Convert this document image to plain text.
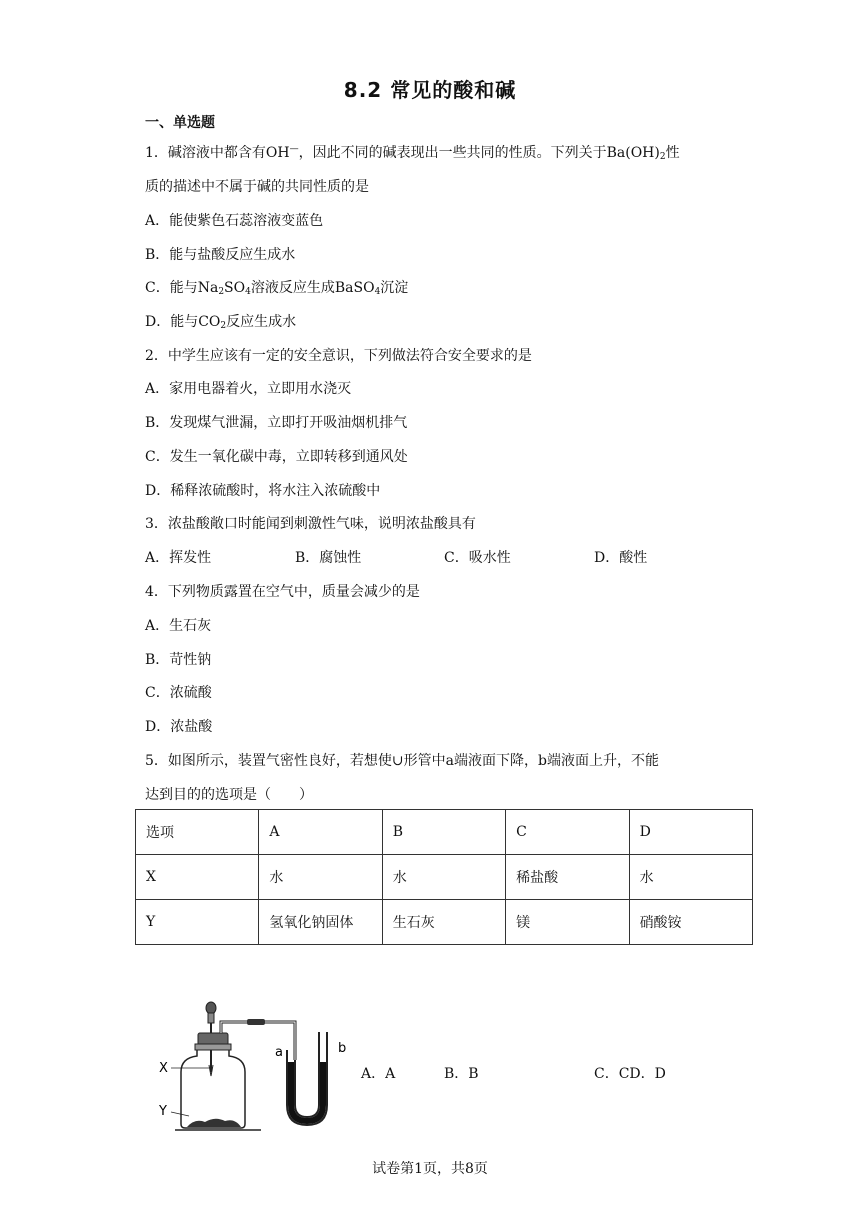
8.2 常见的酸和碱
一、单选题
1．碱溶液中都含有OH—，因此不同的碱表现出一些共同的性质。下列关于$Ba(OH)_2$性
质的描述中不属于碱的共同性质的是
A．能使紫色石蕊溶液变蓝色
B．能与盐酸反应生成水
C．能与$Na_2SO_4$溶液反应生成BaSO$_4$沉淀
D．能与$CO_2$反应生成水
2．中学生应该有一定的安全意识，下列做法符合安全要求的是
A．家用电器着火，立即用水浇灭
B．发现煤气泄漏，立即打开吸油烟机排气
C．发生一氧化碳中毒，立即转移到通风处
D．稀释浓硫酸时，将水注入浓硫酸中
3．浓盐酸敞口时能闻到刺激性气味，说明浓盐酸具有
A．挥发性	B．腐蚀性	C．吸水性	D．酸性
4．下列物质露置在空气中，质量会减少的是
A．生石灰
B．苛性钠
C．浓硫酸
D．浓盐酸
5．如图所示，装置气密性良好，若想使∪形管中a端液面下降，b端液面上升，不能
达到目的的选项是（　　）
选项	A	B	C	D
X	水	水	稀盐酸	水
Y	氢氧化钠固体	生石灰	镁	硝酸铵
X
Y
a	b
A．A	B．B	C．CD．D
试卷第1页，共8页
